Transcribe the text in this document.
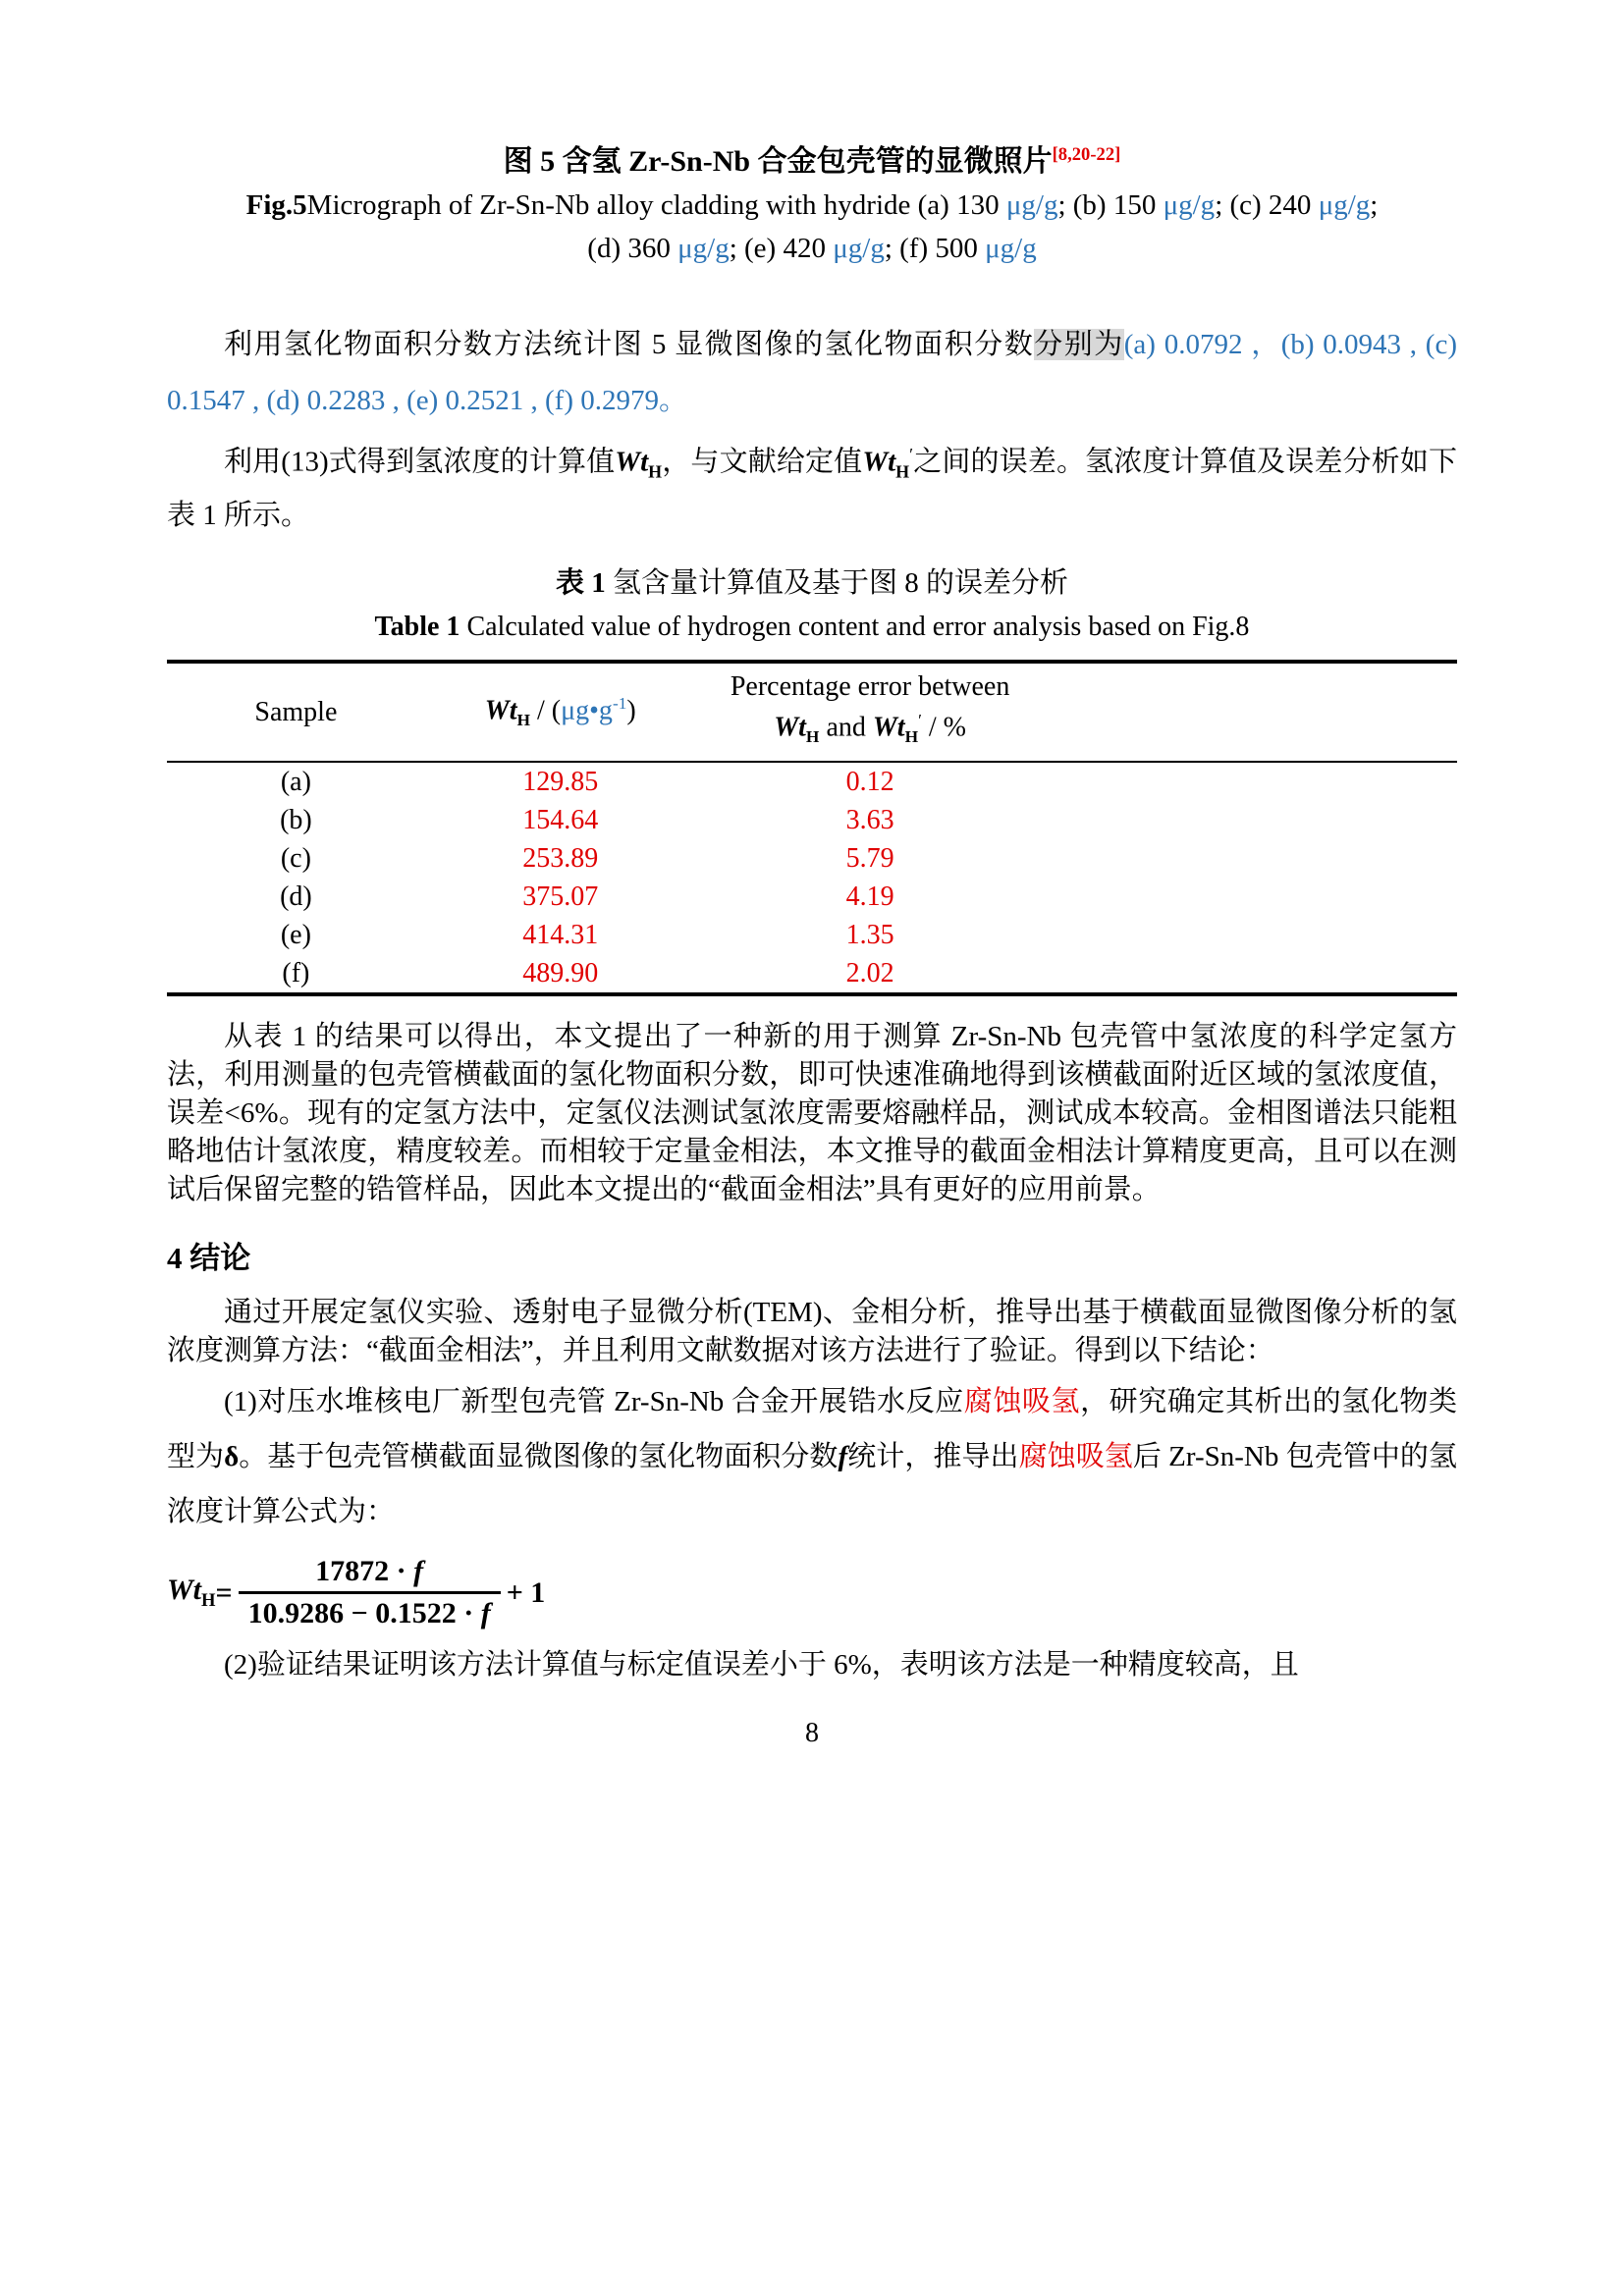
图 5 含氢 Zr-Sn-Nb 合金包壳管的显微照片[8,20-22]
Fig.5Micrograph of Zr-Sn-Nb alloy cladding with hydride (a) 130 μg/g; (b) 150 μg/g; (c) 240 μg/g;
(d) 360 μg/g; (e) 420 μg/g; (f) 500 μg/g

利用氢化物面积分数方法统计图 5 显微图像的氢化物面积分数分别为(a) 0.0792 ，(b) 0.0943 , (c) 0.1547 , (d) 0.2283 , (e) 0.2521 , (f) 0.2979。

利用(13)式得到氢浓度的计算值$Wt_H$，与文献给定值$Wt_H'$之间的误差。氢浓度计算值及误差分析如下表 1 所示。

表 1 氢含量计算值及基于图 8 的误差分析
Table 1 Calculated value of hydrogen content and error analysis based on Fig.8
Sample	$Wt_H$ / $(\mu g•g^{-1})$	Percentage error between
$Wt_H$ and $Wt_H'$ / %	

(a)	129.85	0.12	
(b)	154.64	3.63	
(c)	253.89	5.79	
(d)	375.07	4.19	
(e)	414.31	1.35	
(f)	489.90	2.02	

从表 1 的结果可以得出，本文提出了一种新的用于测算 Zr-Sn-Nb 包壳管中氢浓度的科学定氢方法，利用测量的包壳管横截面的氢化物面积分数，即可快速准确地得到该横截面附近区域的氢浓度值，误差<6%。现有的定氢方法中，定氢仪法测试氢浓度需要熔融样品，测试成本较高。金相图谱法只能粗略地估计氢浓度，精度较差。而相较于定量金相法，本文推导的截面金相法计算精度更高，且可以在测试后保留完整的锆管样品，因此本文提出的“截面金相法”具有更好的应用前景。

4 结论

通过开展定氢仪实验、透射电子显微分析(TEM)、金相分析，推导出基于横截面显微图像分析的氢浓度测算方法：“截面金相法”，并且利用文献数据对该方法进行了验证。得到以下结论：

(1)对压水堆核电厂新型包壳管 Zr-Sn-Nb 合金开展锆水反应腐蚀吸氢，研究确定其析出的氢化物类型为δ。基于包壳管横截面显微图像的氢化物面积分数f统计，推导出腐蚀吸氢后 Zr-Sn-Nb 包壳管中的氢浓度计算公式为：

$Wt_H = \frac{17872 \cdot f}{10.9286 - 0.1522 \cdot f} + 1$

(2)验证结果证明该方法计算值与标定值误差小于 6%，表明该方法是一种精度较高，且

8
